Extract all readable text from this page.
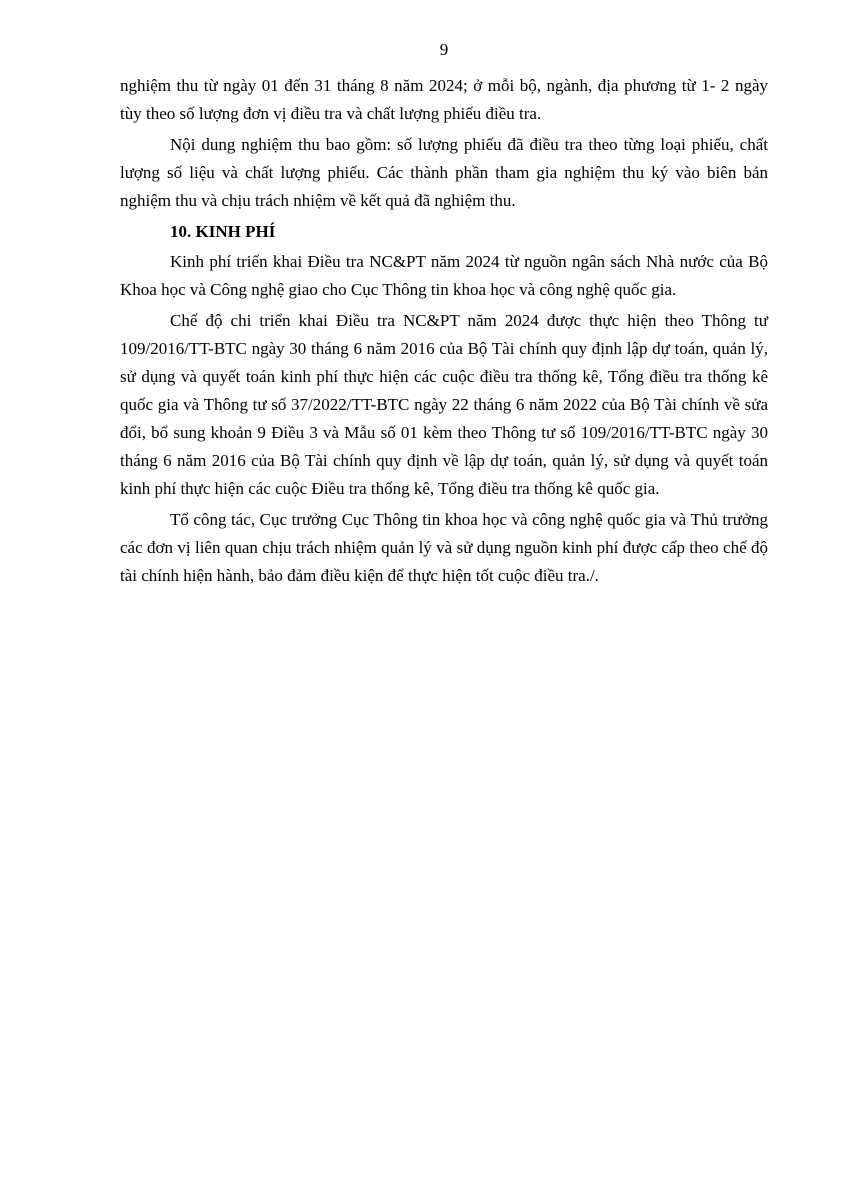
9

nghiệm thu từ ngày 01 đến 31 tháng 8 năm 2024; ở mỗi bộ, ngành, địa phương từ 1- 2 ngày tùy theo số lượng đơn vị điều tra và chất lượng phiếu điều tra.

Nội dung nghiệm thu bao gồm: số lượng phiếu đã điều tra theo từng loại phiếu, chất lượng số liệu và chất lượng phiếu. Các thành phần tham gia nghiệm thu ký vào biên bản nghiệm thu và chịu trách nhiệm về kết quả đã nghiệm thu.

10. KINH PHÍ

Kinh phí triển khai Điều tra NC&PT năm 2024 từ nguồn ngân sách Nhà nước của Bộ Khoa học và Công nghệ giao cho Cục Thông tin khoa học và công nghệ quốc gia.

Chế độ chi triển khai Điều tra NC&PT năm 2024 được thực hiện theo Thông tư 109/2016/TT-BTC ngày 30 tháng 6 năm 2016 của Bộ Tài chính quy định lập dự toán, quản lý, sử dụng và quyết toán kinh phí thực hiện các cuộc điều tra thống kê, Tổng điều tra thống kê quốc gia và Thông tư số 37/2022/TT-BTC ngày 22 tháng 6 năm 2022 của Bộ Tài chính về sửa đổi, bổ sung khoản 9 Điều 3 và Mẫu số 01 kèm theo Thông tư số 109/2016/TT-BTC ngày 30 tháng 6 năm 2016 của Bộ Tài chính quy định về lập dự toán, quản lý, sử dụng và quyết toán kinh phí thực hiện các cuộc Điều tra thống kê, Tổng điều tra thống kê quốc gia.

Tổ công tác, Cục trưởng Cục Thông tin khoa học và công nghệ quốc gia và Thủ trưởng các đơn vị liên quan chịu trách nhiệm quản lý và sử dụng nguồn kinh phí được cấp theo chế độ tài chính hiện hành, bảo đảm điều kiện để thực hiện tốt cuộc điều tra./.
